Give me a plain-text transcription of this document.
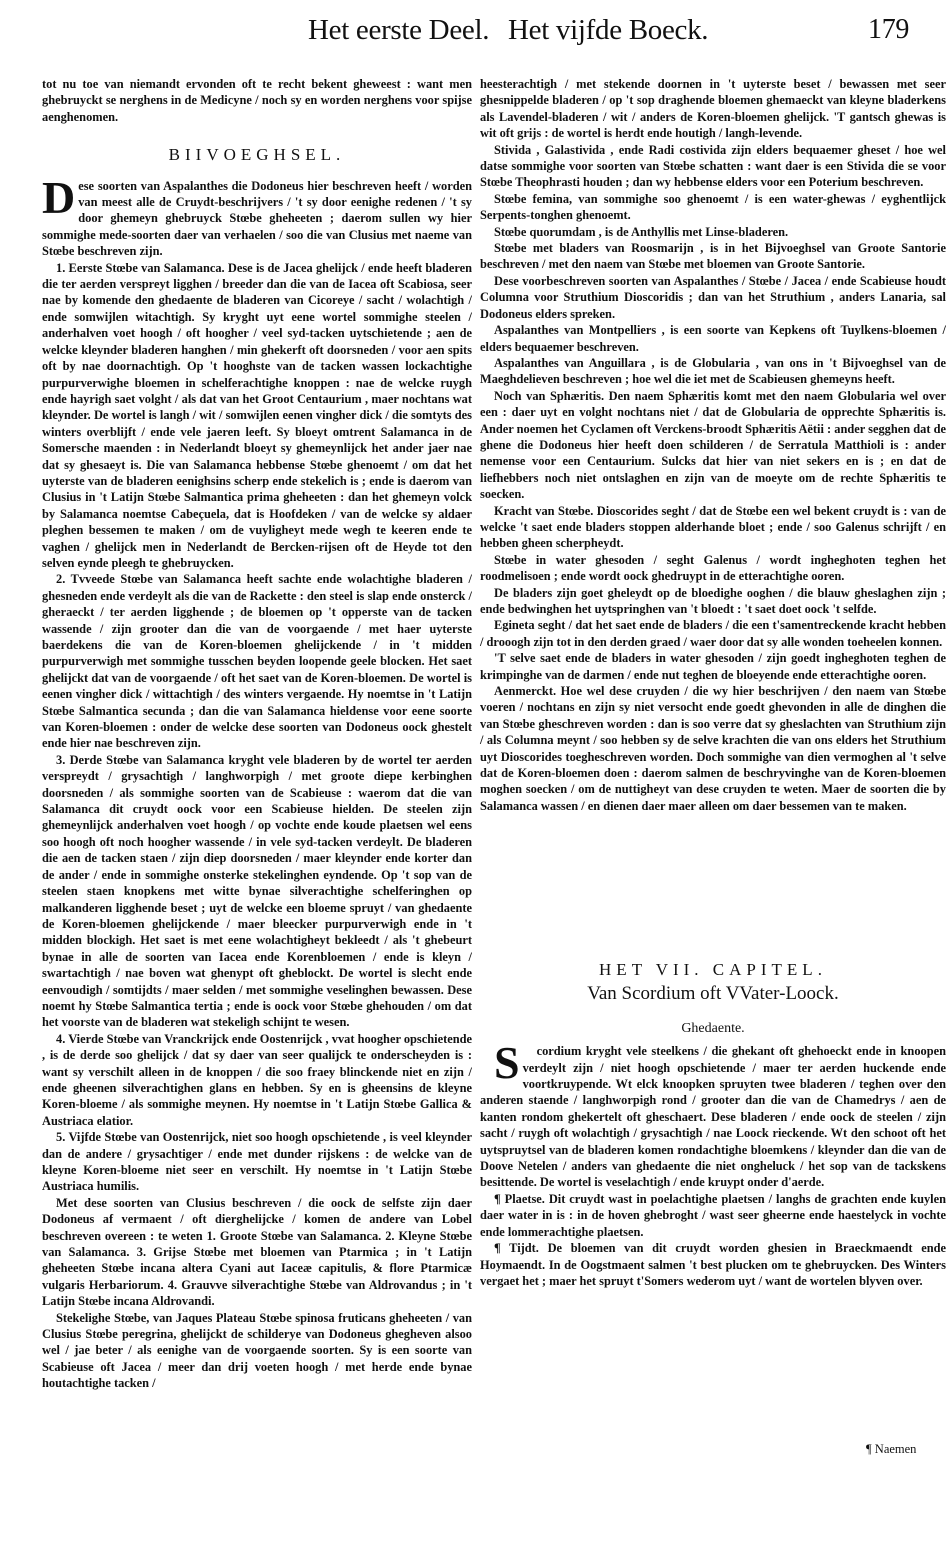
Het eerste Deel. Het vijfde Boeck.	179

tot nu toe van niemandt ervonden oft te recht bekent gheweest : want men ghebruyckt se nerghens in de Medicyne / noch sy en worden nerghens voor spijse aenghenomen.

BIIVOEGHSEL.

Dese soorten van Aspalanthes die Dodoneus hier beschreven heeft / worden van meest alle de Cruydt-beschrijvers / 't sy door eenighe redenen / 't sy door ghemeyn ghebruyck Stœbe gheheeten ; daerom sullen wy hier sommighe mede-soorten daer van verhaelen / soo die van Clusius met naeme van Stœbe beschreven zijn.

1. Eerste Stœbe van Salamanca. Dese is de Jacea ghelijck / ende heeft bladeren die ter aerden verspreyt ligghen / breeder dan die van de Iacea oft Scabiosa, seer nae by komende den ghedaente de bladeren van Cicoreye / sacht / wolachtigh / ende somwijlen witachtigh. Sy kryght uyt eene wortel sommighe steelen / anderhalven voet hoogh / oft hoogher / veel syd-tacken uytschietende ; aen de welcke kleynder bladeren hanghen / min ghekerft oft doorsneden / voor aen spits oft by nae doornachtigh. Op 't hooghste van de tacken wassen lockachtighe purpurverwighe bloemen in schelferachtighe knoppen : nae de welcke ruygh ende hayrigh saet volght / als dat van het Groot Centaurium , maer nochtans wat kleynder. De wortel is langh / wit / somwijlen eenen vingher dick / die somtyts des winters overblijft / ende vele jaeren leeft. Sy bloeyt omtrent Salamanca in de Somersche maenden : in Nederlandt bloeyt sy ghemeynlijck het ander jaer nae dat sy ghesaeyt is. Die van Salamanca hebbense Stœbe ghenoemt / om dat het uyterste van de bladeren eenighsins scherp ende stekelich is ; ende is daerom van Clusius in 't Latijn Stœbe Salmantica prima gheheeten : dan het ghemeyn volck by Salamanca noemtse Cabeçuela, dat is Hoofdeken / van de welcke sy aldaer pleghen bessemen te maken / om de vuyligheyt mede wegh te keeren ende te vaghen / ghelijck men in Nederlandt de Bercken-rijsen oft de Heyde tot den selven eynde pleegh te ghebruycken.

2. Tvveede Stœbe van Salamanca heeft sachte ende wolachtighe bladeren / ghesneden ende verdeylt als die van de Rackette : den steel is slap ende onsterck / gheraeckt / ter aerden ligghende ; de bloemen op 't opperste van de tacken wassende / zijn grooter dan die van de voorgaende / met haer uyterste baerdekens die van de Koren-bloemen ghelijckende / in 't midden purpurverwigh met sommighe tusschen beyden loopende geele blocken. Het saet ghelijckt dat van de voorgaende / oft het saet van de Koren-bloemen. De wortel is eenen vingher dick / wittachtigh / des winters vergaende. Hy noemtse in 't Latijn Stœbe Salmantica secunda ; dan die van Salamanca hieldense voor eene soorte van Koren-bloemen : onder de welcke dese soorten van Dodoneus oock ghestelt ende hier nae beschreven zijn.

3. Derde Stœbe van Salamanca kryght vele bladeren by de wortel ter aerden verspreydt / grysachtigh / langhworpigh / met groote diepe kerbinghen doorsneden / als sommighe soorten van de Scabieuse : waerom dat die van Salamanca dit cruydt oock voor een Scabieuse hielden. De steelen zijn ghemeynlijck anderhalven voet hoogh / op vochte ende koude plaetsen wel eens soo hoogh oft noch hoogher wassende / in vele syd-tacken verdeylt. De bladeren die aen de tacken staen / zijn diep doorsneden / maer kleynder ende korter dan de ander / ende in sommighe onsterke stekelinghen eyndende. Op 't sop van de steelen staen knopkens met witte bynae silverachtighe schelferinghen op malkanderen ligghende beset ; uyt de welcke een bloeme spruyt / van ghedaente de Koren-bloemen ghelijckende / maer bleecker purpurverwigh ende in 't midden blockigh. Het saet is met eene wolachtigheyt bekleedt / als 't ghebeurt bynae in alle de soorten van Iacea ende Korenbloemen / ende is kleyn / swartachtigh / nae boven wat ghenypt oft gheblockt. De wortel is slecht ende eenvoudigh / somtijdts / maer selden / met sommighe veselinghen bewassen. Dese noemt hy Stœbe Salmantica tertia ; ende is oock voor Stœbe ghehouden / om dat het voorste van de bladeren wat stekeligh schijnt te wesen.

4. Vierde Stœbe van Vranckrijck ende Oostenrijck , vvat hoogher opschietende , is de derde soo ghelijck / dat sy daer van seer qualijck te onderscheyden is : want sy verschilt alleen in de knoppen / die soo fraey blinckende niet en zijn / ende gheenen silverachtighen glans en hebben. Sy en is gheensins de kleyne Koren-bloeme / als sommighe meynen. Hy noemtse in 't Latijn Stœbe Gallica & Austriaca elatior.

5. Vijfde Stœbe van Oostenrijck, niet soo hoogh opschietende , is veel kleynder dan de andere / grysachtiger / ende met dunder rijskens : de welcke van de kleyne Koren-bloeme niet seer en verschilt. Hy noemtse in 't Latijn Stœbe Austriaca humilis.

Met dese soorten van Clusius beschreven / die oock de selfste zijn daer Dodoneus af vermaent / oft dierghelijcke / komen de andere van Lobel beschreven overeen : te weten 1. Groote Stœbe van Salamanca. 2. Kleyne Stœbe van Salamanca. 3. Grijse Stœbe met bloemen van Ptarmica ; in 't Latijn gheheeten Stœbe incana altera Cyani aut Iaceæ capitulis, & flore Ptarmicæ vulgaris Herbariorum. 4. Grauvve silverachtighe Stœbe van Aldrovandus ; in 't Latijn Stœbe incana Aldrovandi.

Stekelighe Stœbe, van Jaques Plateau Stœbe spinosa fruticans gheheeten / van Clusius Stœbe peregrina, ghelijckt de schilderye van Dodoneus ghegheven alsoo wel / jae beter / als eenighe van de voorgaende soorten. Sy is een soorte van Scabieuse oft Jacea / meer dan drij voeten hoogh / met herde ende bynae houtachtighe tacken /

heesterachtigh / met stekende doornen in 't uyterste beset / bewassen met seer ghesnippelde bladeren / op 't sop draghende bloemen ghemaeckt van kleyne bladerkens als Lavendel-bladeren / wit / anders de Koren-bloemen ghelijck. 'T gantsch ghewas is wit oft grijs : de wortel is herdt ende houtigh / langh-levende.

Stivida , Galastivida , ende Radi costivida zijn elders bequaemer gheset / hoe wel datse sommighe voor soorten van Stœbe schatten : want daer is een Stivida die se voor Stœbe Theophrasti houden ; dan wy hebbense elders voor een Poterium beschreven.

Stœbe femina, van sommighe soo ghenoemt / is een water-ghewas / eyghentlijck Serpents-tonghen ghenoemt.

Stœbe quorumdam , is de Anthyllis met Linse-bladeren.

Stœbe met bladers van Roosmarijn , is in het Bijvoeghsel van Groote Santorie beschreven / met den naem van Stœbe met bloemen van Groote Santorie.

Dese voorbeschreven soorten van Aspalanthes / Stœbe / Jacea / ende Scabieuse houdt Columna voor Struthium Dioscoridis ; dan van het Struthium , anders Lanaria, sal Dodoneus elders spreken.

Aspalanthes van Montpelliers , is een soorte van Kepkens oft Tuylkens-bloemen / elders bequaemer beschreven.

Aspalanthes van Anguillara , is de Globularia , van ons in 't Bijvoeghsel van de Maeghdelieven beschreven ; hoe wel die iet met de Scabieusen ghemeyns heeft.

Noch van Sphæritis. Den naem Sphæritis komt met den naem Globularia wel over een : daer uyt en volght nochtans niet / dat de Globularia de opprechte Sphæritis is. Ander noemen het Cyclamen oft Verckens-broodt Sphæritis Aëtii : ander segghen dat de ghene die Dodoneus hier heeft doen schilderen / de Serratula Matthioli is : ander nemense voor een Centaurium. Sulcks dat hier van niet sekers en is ; en dat de liefhebbers noch niet ontslaghen en zijn van de moeyte om de rechte Sphæritis te soecken.

Kracht van Stœbe. Dioscorides seght / dat de Stœbe een wel bekent cruydt is : van de welcke 't saet ende bladers stoppen alderhande bloet ; ende / soo Galenus schrijft / en hebben gheen scherpheydt.

Stœbe in water ghesoden / seght Galenus / wordt ingheghoten teghen het roodmelisoen ; ende wordt oock ghedruypt in de etterachtighe ooren.

De bladers zijn goet gheleydt op de bloedighe ooghen / die blauw gheslaghen zijn ; ende bedwinghen het uytspringhen van 't bloedt : 't saet doet oock 't selfde.

Egineta seght / dat het saet ende de bladers / die een t'samentreckende kracht hebben / drooogh zijn tot in den derden graed / waer door dat sy alle wonden toeheelen konnen.

'T selve saet ende de bladers in water ghesoden / zijn goedt ingheghoten teghen de krimpinghe van de darmen / ende nut teghen de bloeyende ende etterachtighe ooren.

Aenmerckt. Hoe wel dese cruyden / die wy hier beschrijven / den naem van Stœbe voeren / nochtans en zijn sy niet versocht ende goedt ghevonden in alle de dinghen die van Stœbe gheschreven worden : dan is soo verre dat sy gheslachten van Struthium zijn / als Columna meynt / soo hebben sy de selve krachten die van ons elders het Struthium uyt Dioscorides toegheschreven worden. Doch sommighe van dien vermoghen al 't selve dat de Koren-bloemen doen : daerom salmen de beschryvinghe van de Koren-bloemen moghen soecken / om de nuttigheyt van dese cruyden te weten. Maer de soorten die by Salamanca wassen / en dienen daer maer alleen om daer bessemen van te maken.

HET VII. CAPITEL.
Van Scordium oft VVater-Loock.
Ghedaente.

Scordium kryght vele steelkens / die ghekant oft ghehoeckt ende in knoopen verdeylt zijn / niet hoogh opschietende / maer ter aerden huckende ende voortkruypende. Wt elck knoopken spruyten twee bladeren / teghen over den anderen staende / langhworpigh rond / grooter dan die van de Chamedrys / aen de kanten rondom ghekertelt oft gheschaert. Dese bladeren / ende oock de steelen / zijn sacht / ruygh oft wolachtigh / grysachtigh / nae Loock rieckende. Wt den schoot oft het uytspruytsel van de bladeren komen rondachtighe bloemkens / kleynder dan die van de Doove Netelen / anders van ghedaente die niet ongheluck / het sop van de tackskens besittende. De wortel is veselachtigh / ende kruypt onder d'aerde.

¶ Plaetse. Dit cruydt wast in poelachtighe plaetsen / langhs de grachten ende kuylen daer water in is : in de hoven ghebroght / wast seer gheerne ende haestelyck in vochte ende lommerachtighe plaetsen.

¶ Tijdt. De bloemen van dit cruydt worden ghesien in Braeckmaendt ende Hoymaendt. In de Oogstmaent salmen 't best plucken om te ghebruycken. Des Winters vergaet het ; maer het spruyt t'Somers wederom uyt / want de wortelen blyven over.

¶ Naemen
